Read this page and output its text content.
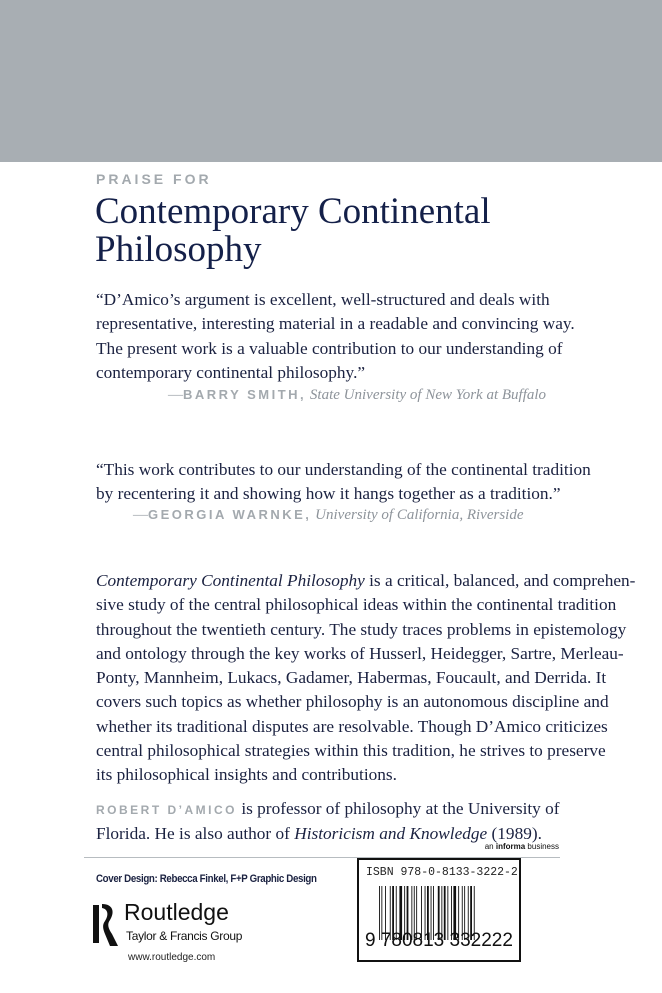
PRAISE FOR
Contemporary Continental
Philosophy
“D’Amico’s argument is excellent, well-structured and deals with
representative, interesting material in a readable and convincing way.
The present work is a valuable contribution to our understanding of
contemporary continental philosophy.”
—BARRY SMITH, State University of New York at Buffalo
“This work contributes to our understanding of the continental tradition
by recentering it and showing how it hangs together as a tradition.”
—GEORGIA WARNKE, University of California, Riverside
Contemporary Continental Philosophy is a critical, balanced, and comprehen-
sive study of the central philosophical ideas within the continental tradition
throughout the twentieth century. The study traces problems in epistemology
and ontology through the key works of Husserl, Heidegger, Sartre, Merleau-
Ponty, Mannheim, Lukacs, Gadamer, Habermas, Foucault, and Derrida. It
covers such topics as whether philosophy is an autonomous discipline and
whether its traditional disputes are resolvable. Though D’Amico criticizes
central philosophical strategies within this tradition, he strives to preserve
its philosophical insights and contributions.
ROBERT D’AMICO is professor of philosophy at the University of
Florida. He is also author of Historicism and Knowledge (1989).
an informa business
Cover Design: Rebecca Finkel, F+P Graphic Design
Routledge
Taylor & Francis Group
www.routledge.com
ISBN 978-0-8133-3222-2
9 780813 332222
